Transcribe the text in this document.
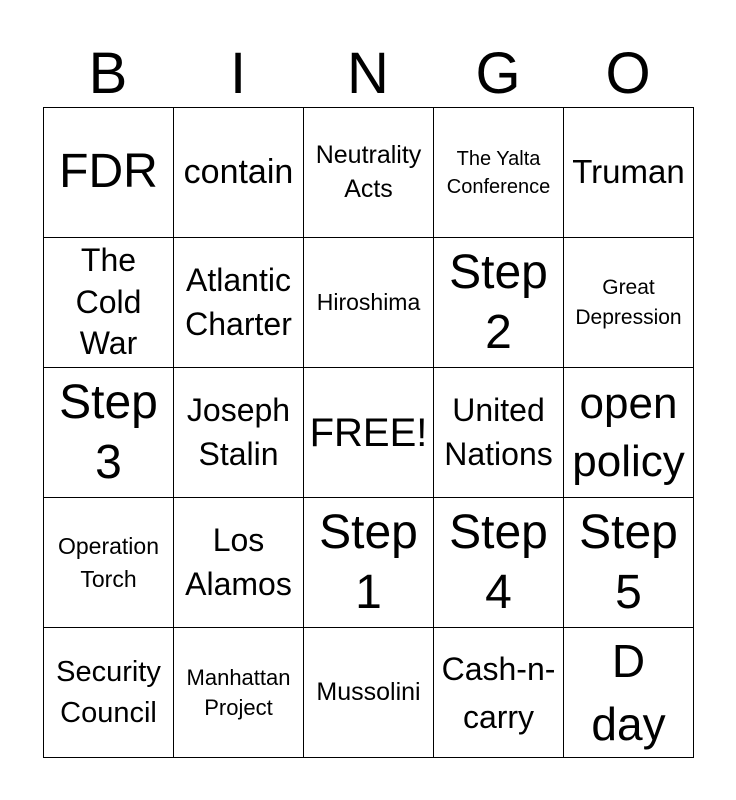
B	I	N	G	O
FDR	contain	Neutrality Acts	The Yalta Conference	Truman
The Cold War	Atlantic Charter	Hiroshima	Step 2	Great Depression
Step 3	Joseph Stalin	FREE!	United Nations	open policy
Operation Torch	Los Alamos	Step 1	Step 4	Step 5
Security Council	Manhattan Project	Mussolini	Cash-n-carry	D day
